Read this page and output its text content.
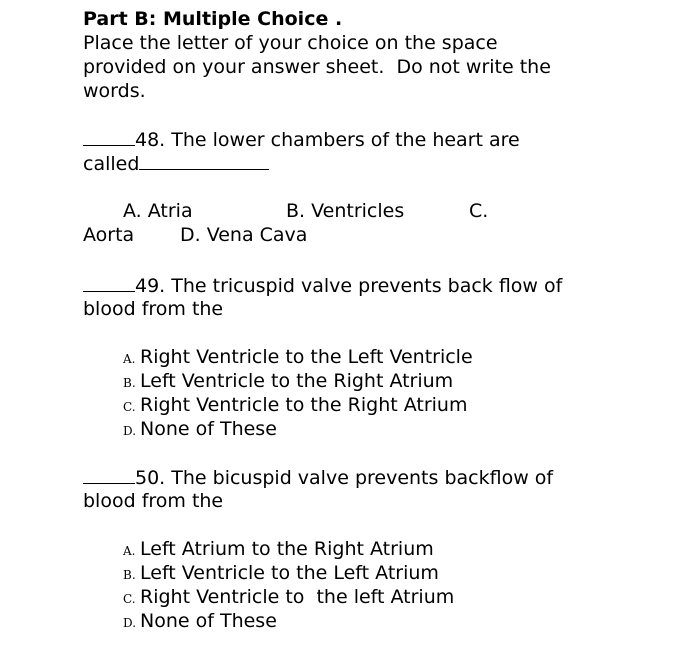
Part B: Multiple Choice .
Place the letter of your choice on the space
provided on your answer sheet.  Do not write the
words.
48. The lower chambers of the heart are
called
A. Atria	B. Ventricles	C.
Aorta D. Vena Cava
49. The tricuspid valve prevents back flow of
blood from the
A. Right Ventricle to the Left Ventricle
B. Left Ventricle to the Right Atrium
C. Right Ventricle to the Right Atrium
D. None of These
50. The bicuspid valve prevents backflow of
blood from the
A. Left Atrium to the Right Atrium
B. Left Ventricle to the Left Atrium
C. Right Ventricle to  the left Atrium
D. None of These
